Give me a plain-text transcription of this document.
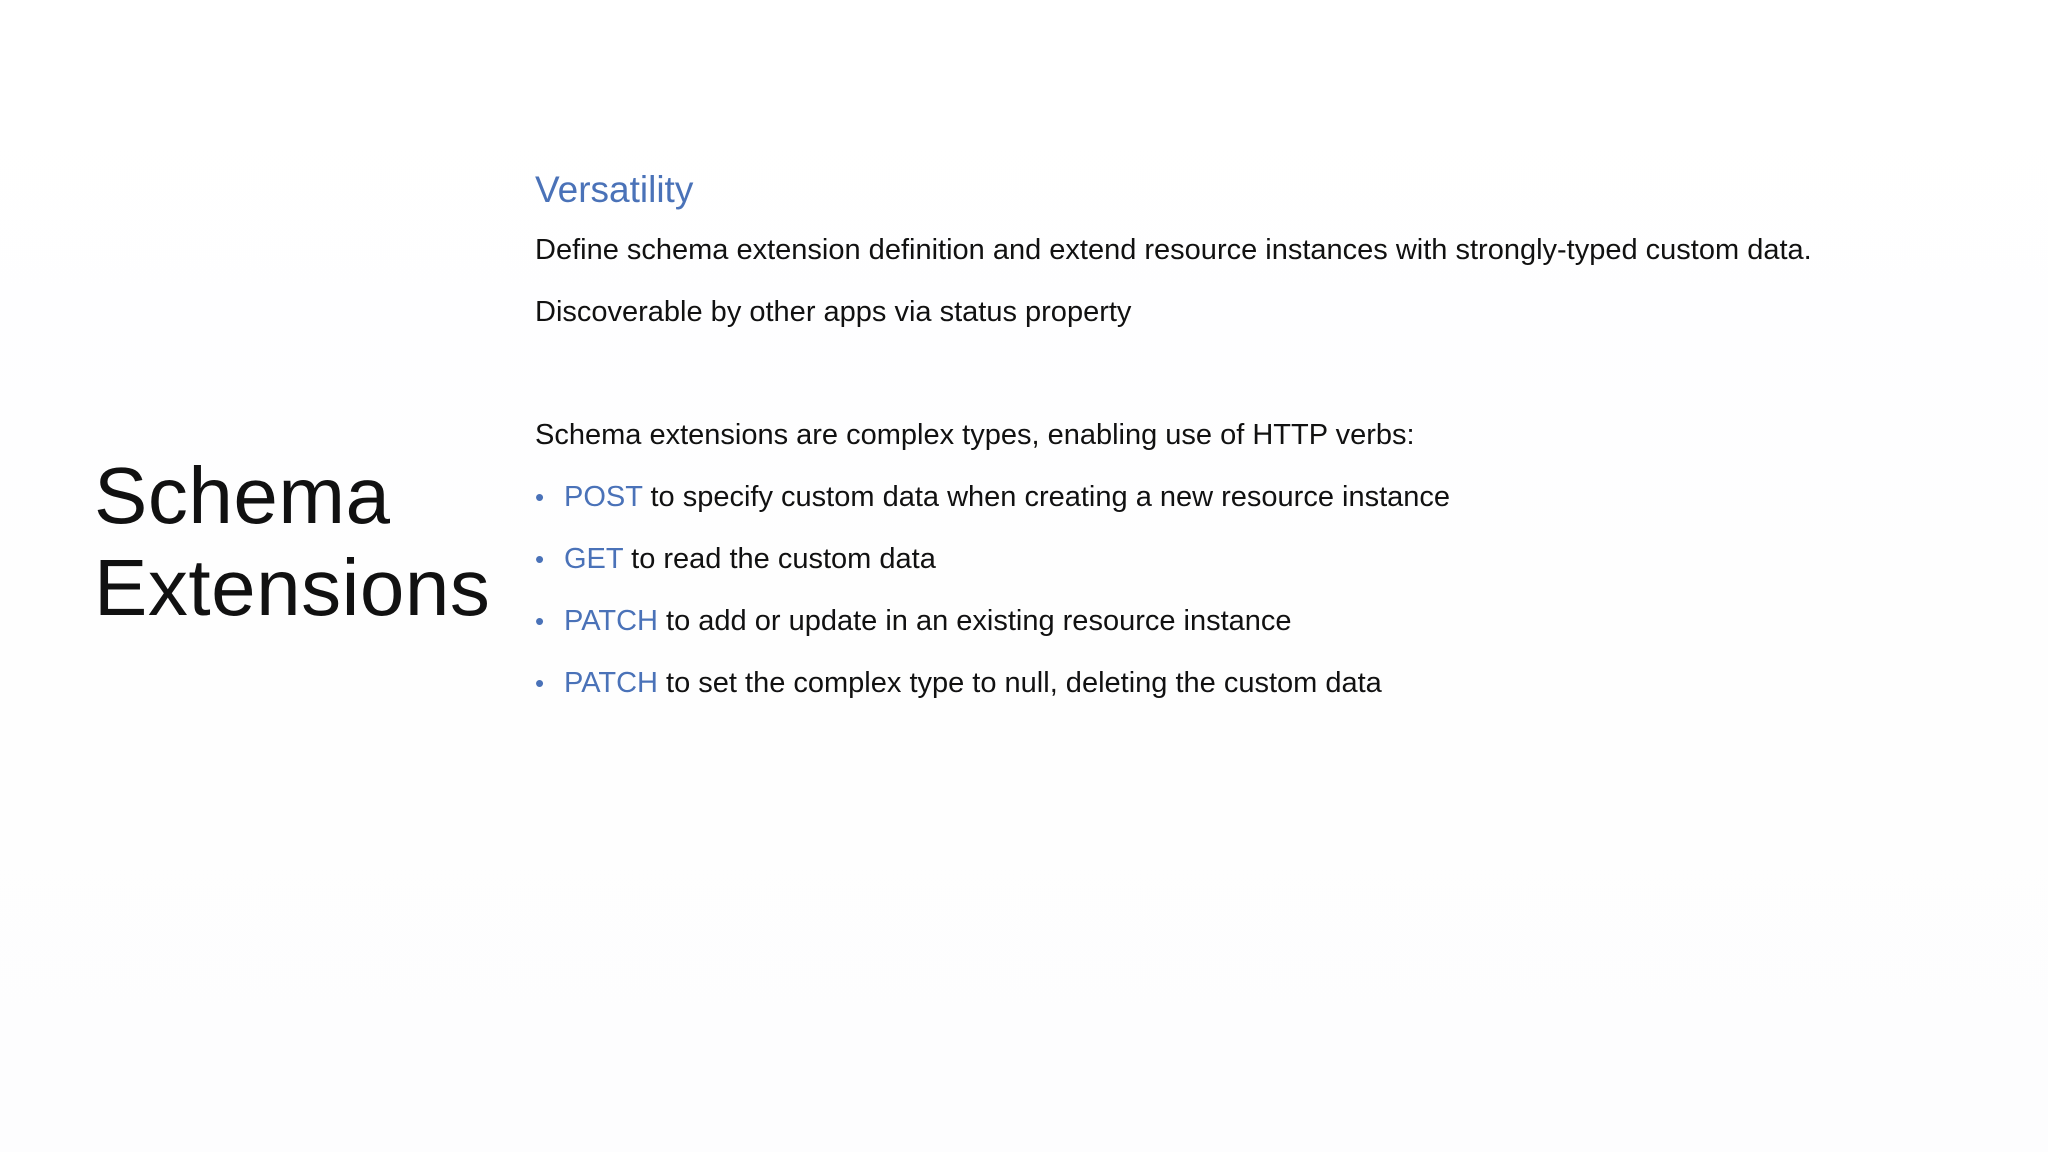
Schema
Extensions
Versatility

Define schema extension definition and extend resource instances with strongly-typed custom data.

Discoverable by other apps via status property

Schema extensions are complex types, enabling use of HTTP verbs:

• POST to specify custom data when creating a new resource instance
• GET to read the custom data
• PATCH to add or update in an existing resource instance
• PATCH to set the complex type to null, deleting the custom data
